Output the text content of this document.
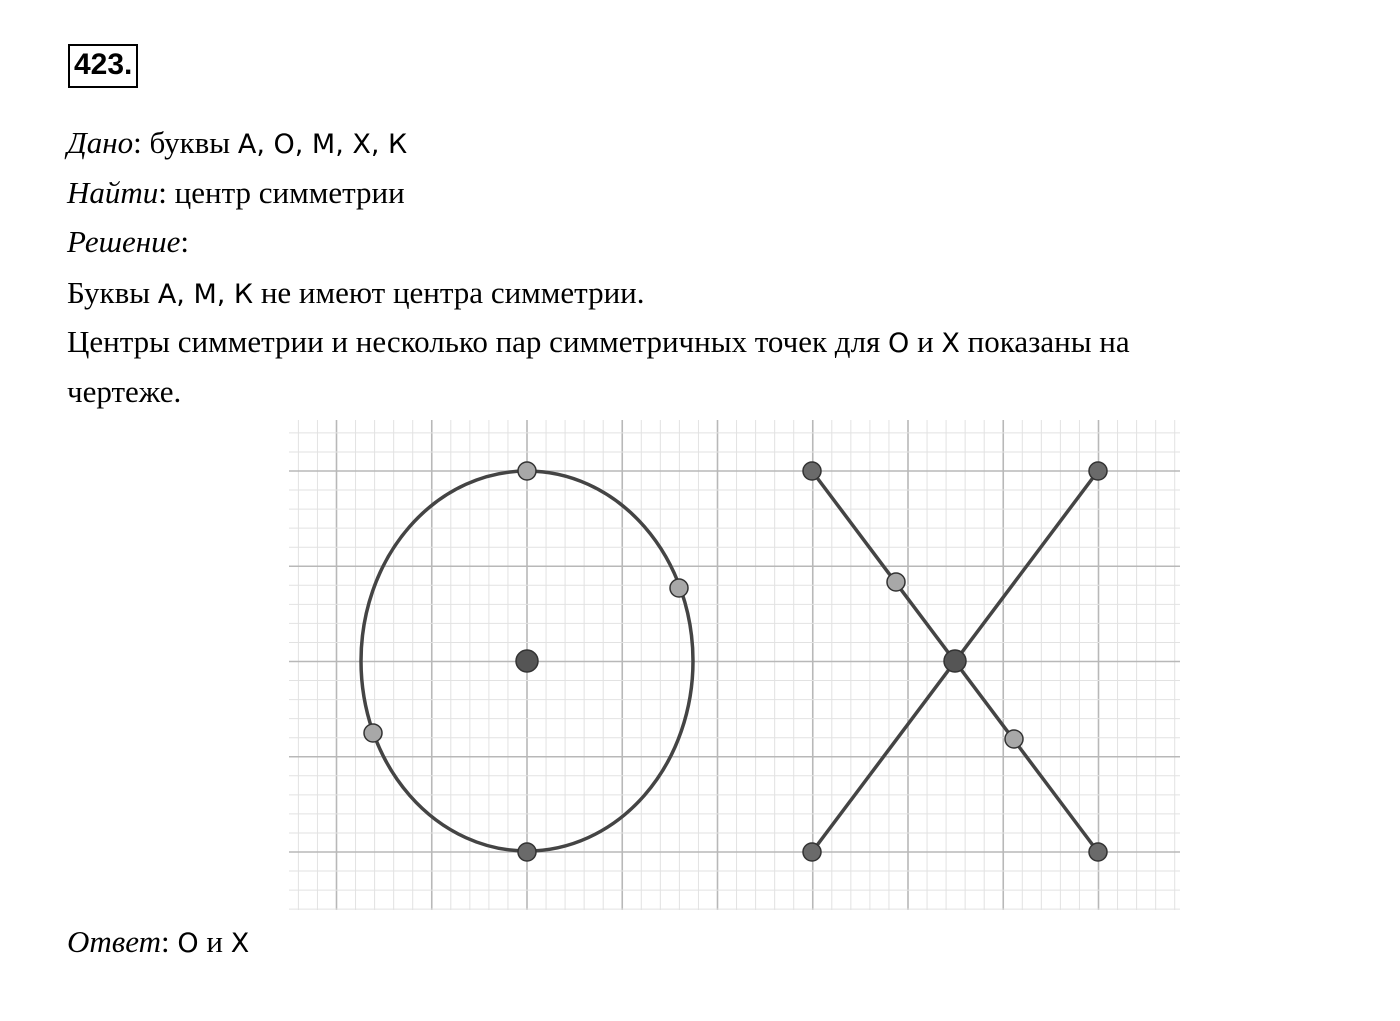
423.
Дано: буквы А, О, М, Х, К
Найти: центр симметрии
Решение:
Буквы А, М, К не имеют центра симметрии.
Центры симметрии и несколько пар симметричных точек для О и Х показаны на
чертеже.
Ответ: О и Х
